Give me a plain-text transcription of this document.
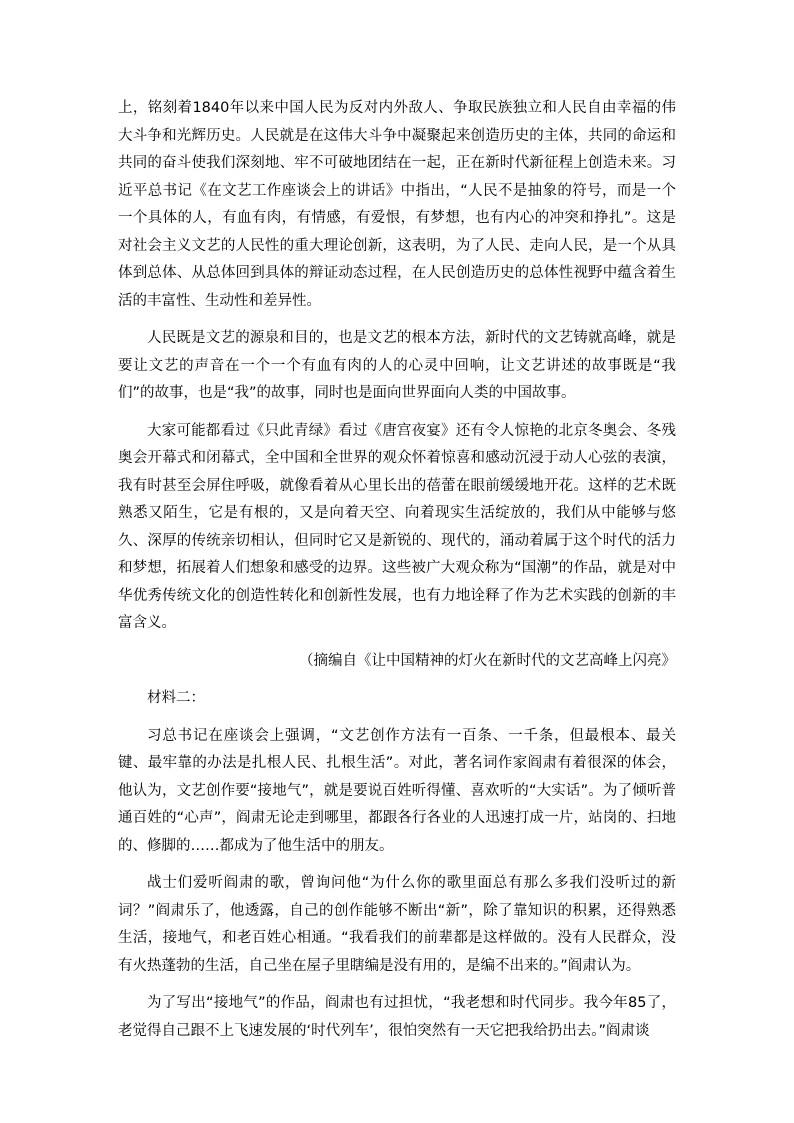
上，铭刻着1840年以来中国人民为反对内外敌人、争取民族独立和人民自由幸福的伟大斗争和光辉历史。人民就是在这伟大斗争中凝聚起来创造历史的主体，共同的命运和共同的奋斗使我们深刻地、牢不可破地团结在一起，正在新时代新征程上创造未来。习近平总书记《在文艺工作座谈会上的讲话》中指出，“人民不是抽象的符号，而是一个一个具体的人，有血有肉，有情感，有爱恨，有梦想，也有内心的冲突和挣扎”。这是对社会主义文艺的人民性的重大理论创新，这表明，为了人民、走向人民，是一个从具体到总体、从总体回到具体的辩证动态过程，在人民创造历史的总体性视野中蕴含着生活的丰富性、生动性和差异性。

人民既是文艺的源泉和目的，也是文艺的根本方法，新时代的文艺铸就高峰，就是要让文艺的声音在一个一个有血有肉的人的心灵中回响，让文艺讲述的故事既是“我们”的故事，也是“我”的故事，同时也是面向世界面向人类的中国故事。

大家可能都看过《只此青绿》看过《唐宫夜宴》还有令人惊艳的北京冬奥会、冬残奥会开幕式和闭幕式，全中国和全世界的观众怀着惊喜和感动沉浸于动人心弦的表演，我有时甚至会屏住呼吸，就像看着从心里长出的蓓蕾在眼前缓缓地开花。这样的艺术既熟悉又陌生，它是有根的，又是向着天空、向着现实生活绽放的，我们从中能够与悠久、深厚的传统亲切相认，但同时它又是新锐的、现代的，涌动着属于这个时代的活力和梦想，拓展着人们想象和感受的边界。这些被广大观众称为“国潮”的作品，就是对中华优秀传统文化的创造性转化和创新性发展，也有力地诠释了作为艺术实践的创新的丰富含义。

（摘编自《让中国精神的灯火在新时代的文艺高峰上闪亮》

材料二：

习总书记在座谈会上强调，“文艺创作方法有一百条、一千条，但最根本、最关键、最牢靠的办法是扎根人民、扎根生活”。对此，著名词作家阎肃有着很深的体会，他认为，文艺创作要“接地气”，就是要说百姓听得懂、喜欢听的“大实话”。为了倾听普通百姓的“心声”，阎肃无论走到哪里，都跟各行各业的人迅速打成一片，站岗的、扫地的、修脚的……都成为了他生活中的朋友。

战士们爱听阎肃的歌，曾询问他“为什么你的歌里面总有那么多我们没听过的新词？”阎肃乐了，他透露，自己的创作能够不断出“新”，除了靠知识的积累，还得熟悉生活，接地气，和老百姓心相通。“我看我们的前辈都是这样做的。没有人民群众，没有火热蓬勃的生活，自己坐在屋子里瞎编是没有用的，是编不出来的。”阎肃认为。

为了写出“接地气”的作品，阎肃也有过担忧，“我老想和时代同步。我今年85了，老觉得自己跟不上飞速发展的‘时代列车’，很怕突然有一天它把我给扔出去。”阎肃谈
